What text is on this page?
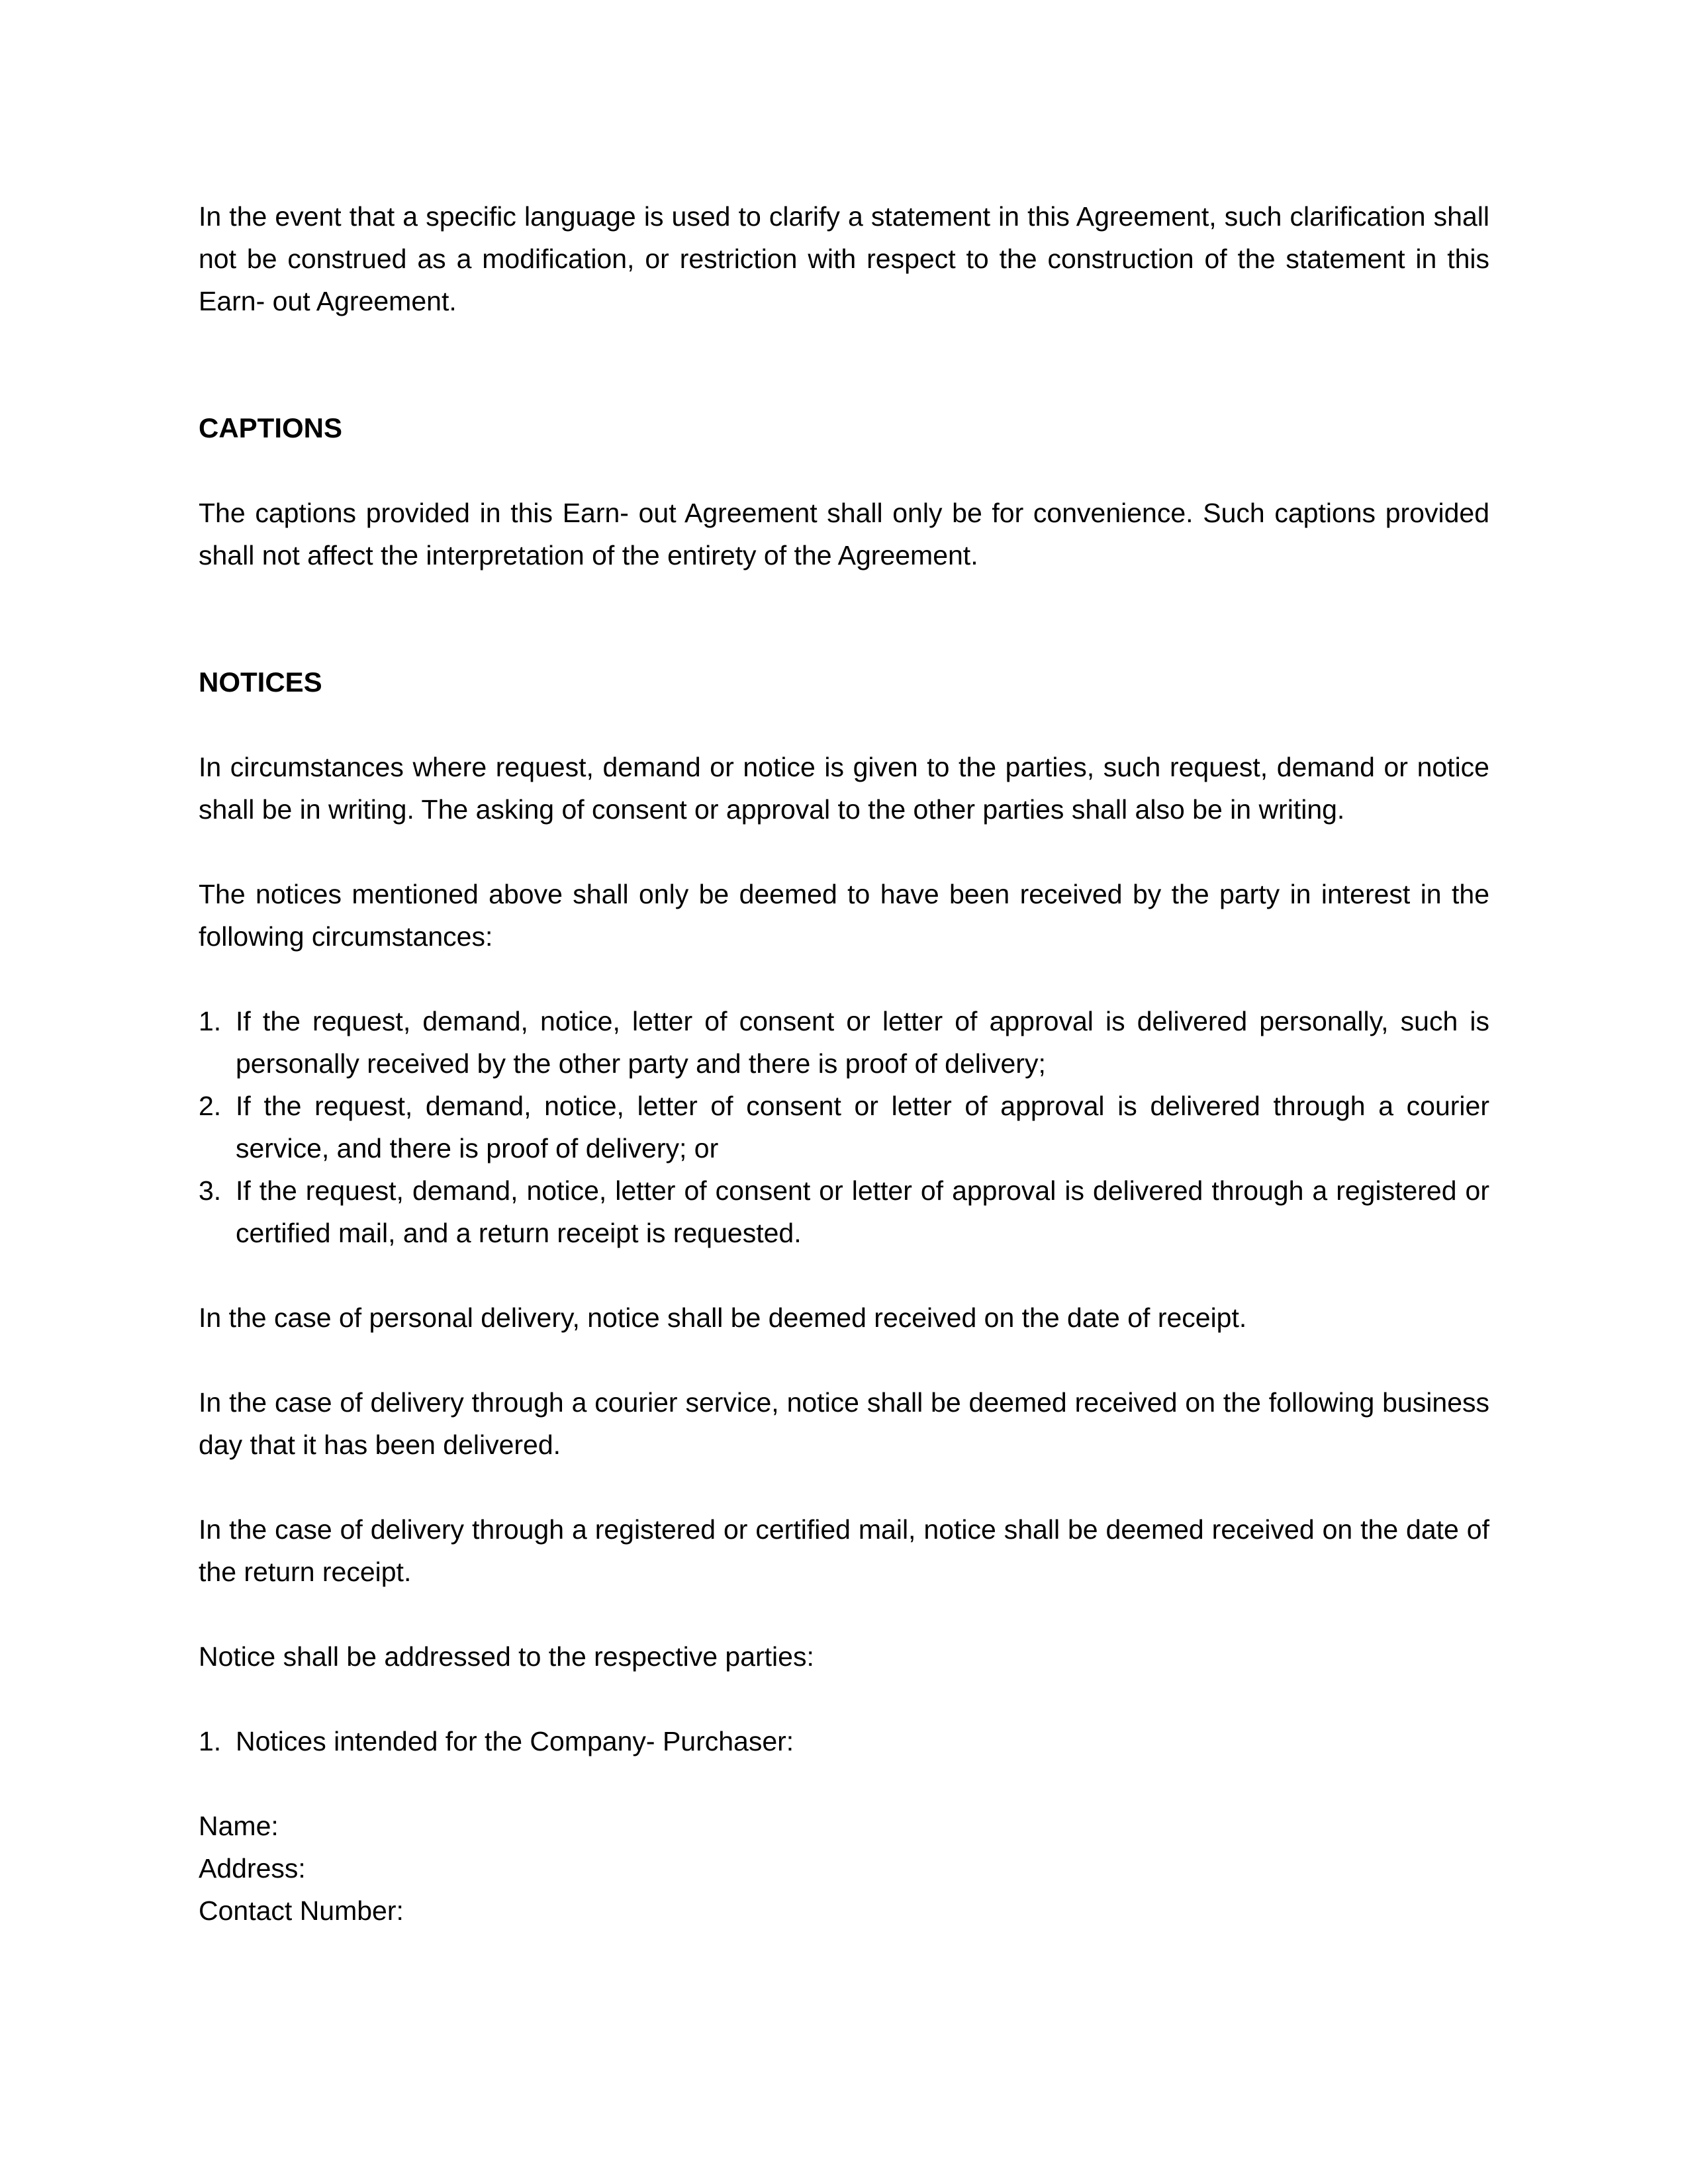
In the event that a specific language is used to clarify a statement in this Agreement, such clarification shall not be construed as a modification, or restriction with respect to the construction of the statement in this Earn- out Agreement.

CAPTIONS

The captions provided in this Earn- out Agreement shall only be for convenience. Such captions provided shall not affect the interpretation of the entirety of the Agreement.

NOTICES

In circumstances where request, demand or notice is given to the parties, such request, demand or notice shall be in writing. The asking of consent or approval to the other parties shall also be in writing.

The notices mentioned above shall only be deemed to have been received by the party in interest in the following circumstances:

1. If the request, demand, notice, letter of consent or letter of approval is delivered personally, such is personally received by the other party and there is proof of delivery;
2. If the request, demand, notice, letter of consent or letter of approval is delivered through a courier service, and there is proof of delivery; or
3. If the request, demand, notice, letter of consent or letter of approval is delivered through a registered or certified mail, and a return receipt is requested.

In the case of personal delivery, notice shall be deemed received on the date of receipt.

In the case of delivery through a courier service, notice shall be deemed received on the following business day that it has been delivered.

In the case of delivery through a registered or certified mail, notice shall be deemed received on the date of the return receipt.

Notice shall be addressed to the respective parties:

1. Notices intended for the Company- Purchaser:
Name:
Address:
Contact Number:
